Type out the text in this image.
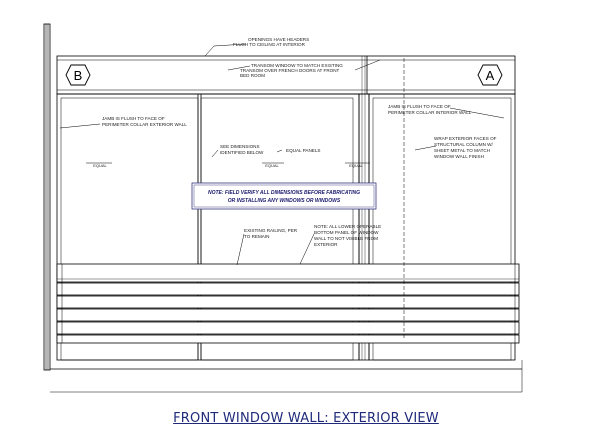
B	A
NOTE: FIELD VERIFY ALL DIMENSIONS BEFORE FABRICATING
OR INSTALLING ANY WINDOWS OR WINDOWS
EQUAL	EQUAL	EQUAL
OPENINGS HAVE HEADERS
FLUSH TO CEILING AT INTERIOR
TRANSOM WINDOW TO MATCH EXISTING
TRANSOM OVER FRENCH DOORS AT FRONT
BED ROOM
JAMB IS FLUSH TO FACE OF
PERIMETER COLLAR EXTERIOR WALL
JAMB IS FLUSH TO FACE OF
PERIMETER COLLAR INTERIOR WALL
WRAP EXTERIOR FACES OF
STRUCTURAL COLUMN W/
SHEET METAL TO MATCH
WINDOW WALL FINISH
SEE DIMENSIONS
IDENTIFIED BELOW	EQUAL PANELS
NOTE: ALL LOWER OPERABLE
BOTTOM PANEL OF WINDOW
WALL TO NOT VISIBLE FROM
EXTERIOR
EXISTING RAILING, PER
TO REMAIN
FRONT WINDOW WALL: EXTERIOR VIEW
